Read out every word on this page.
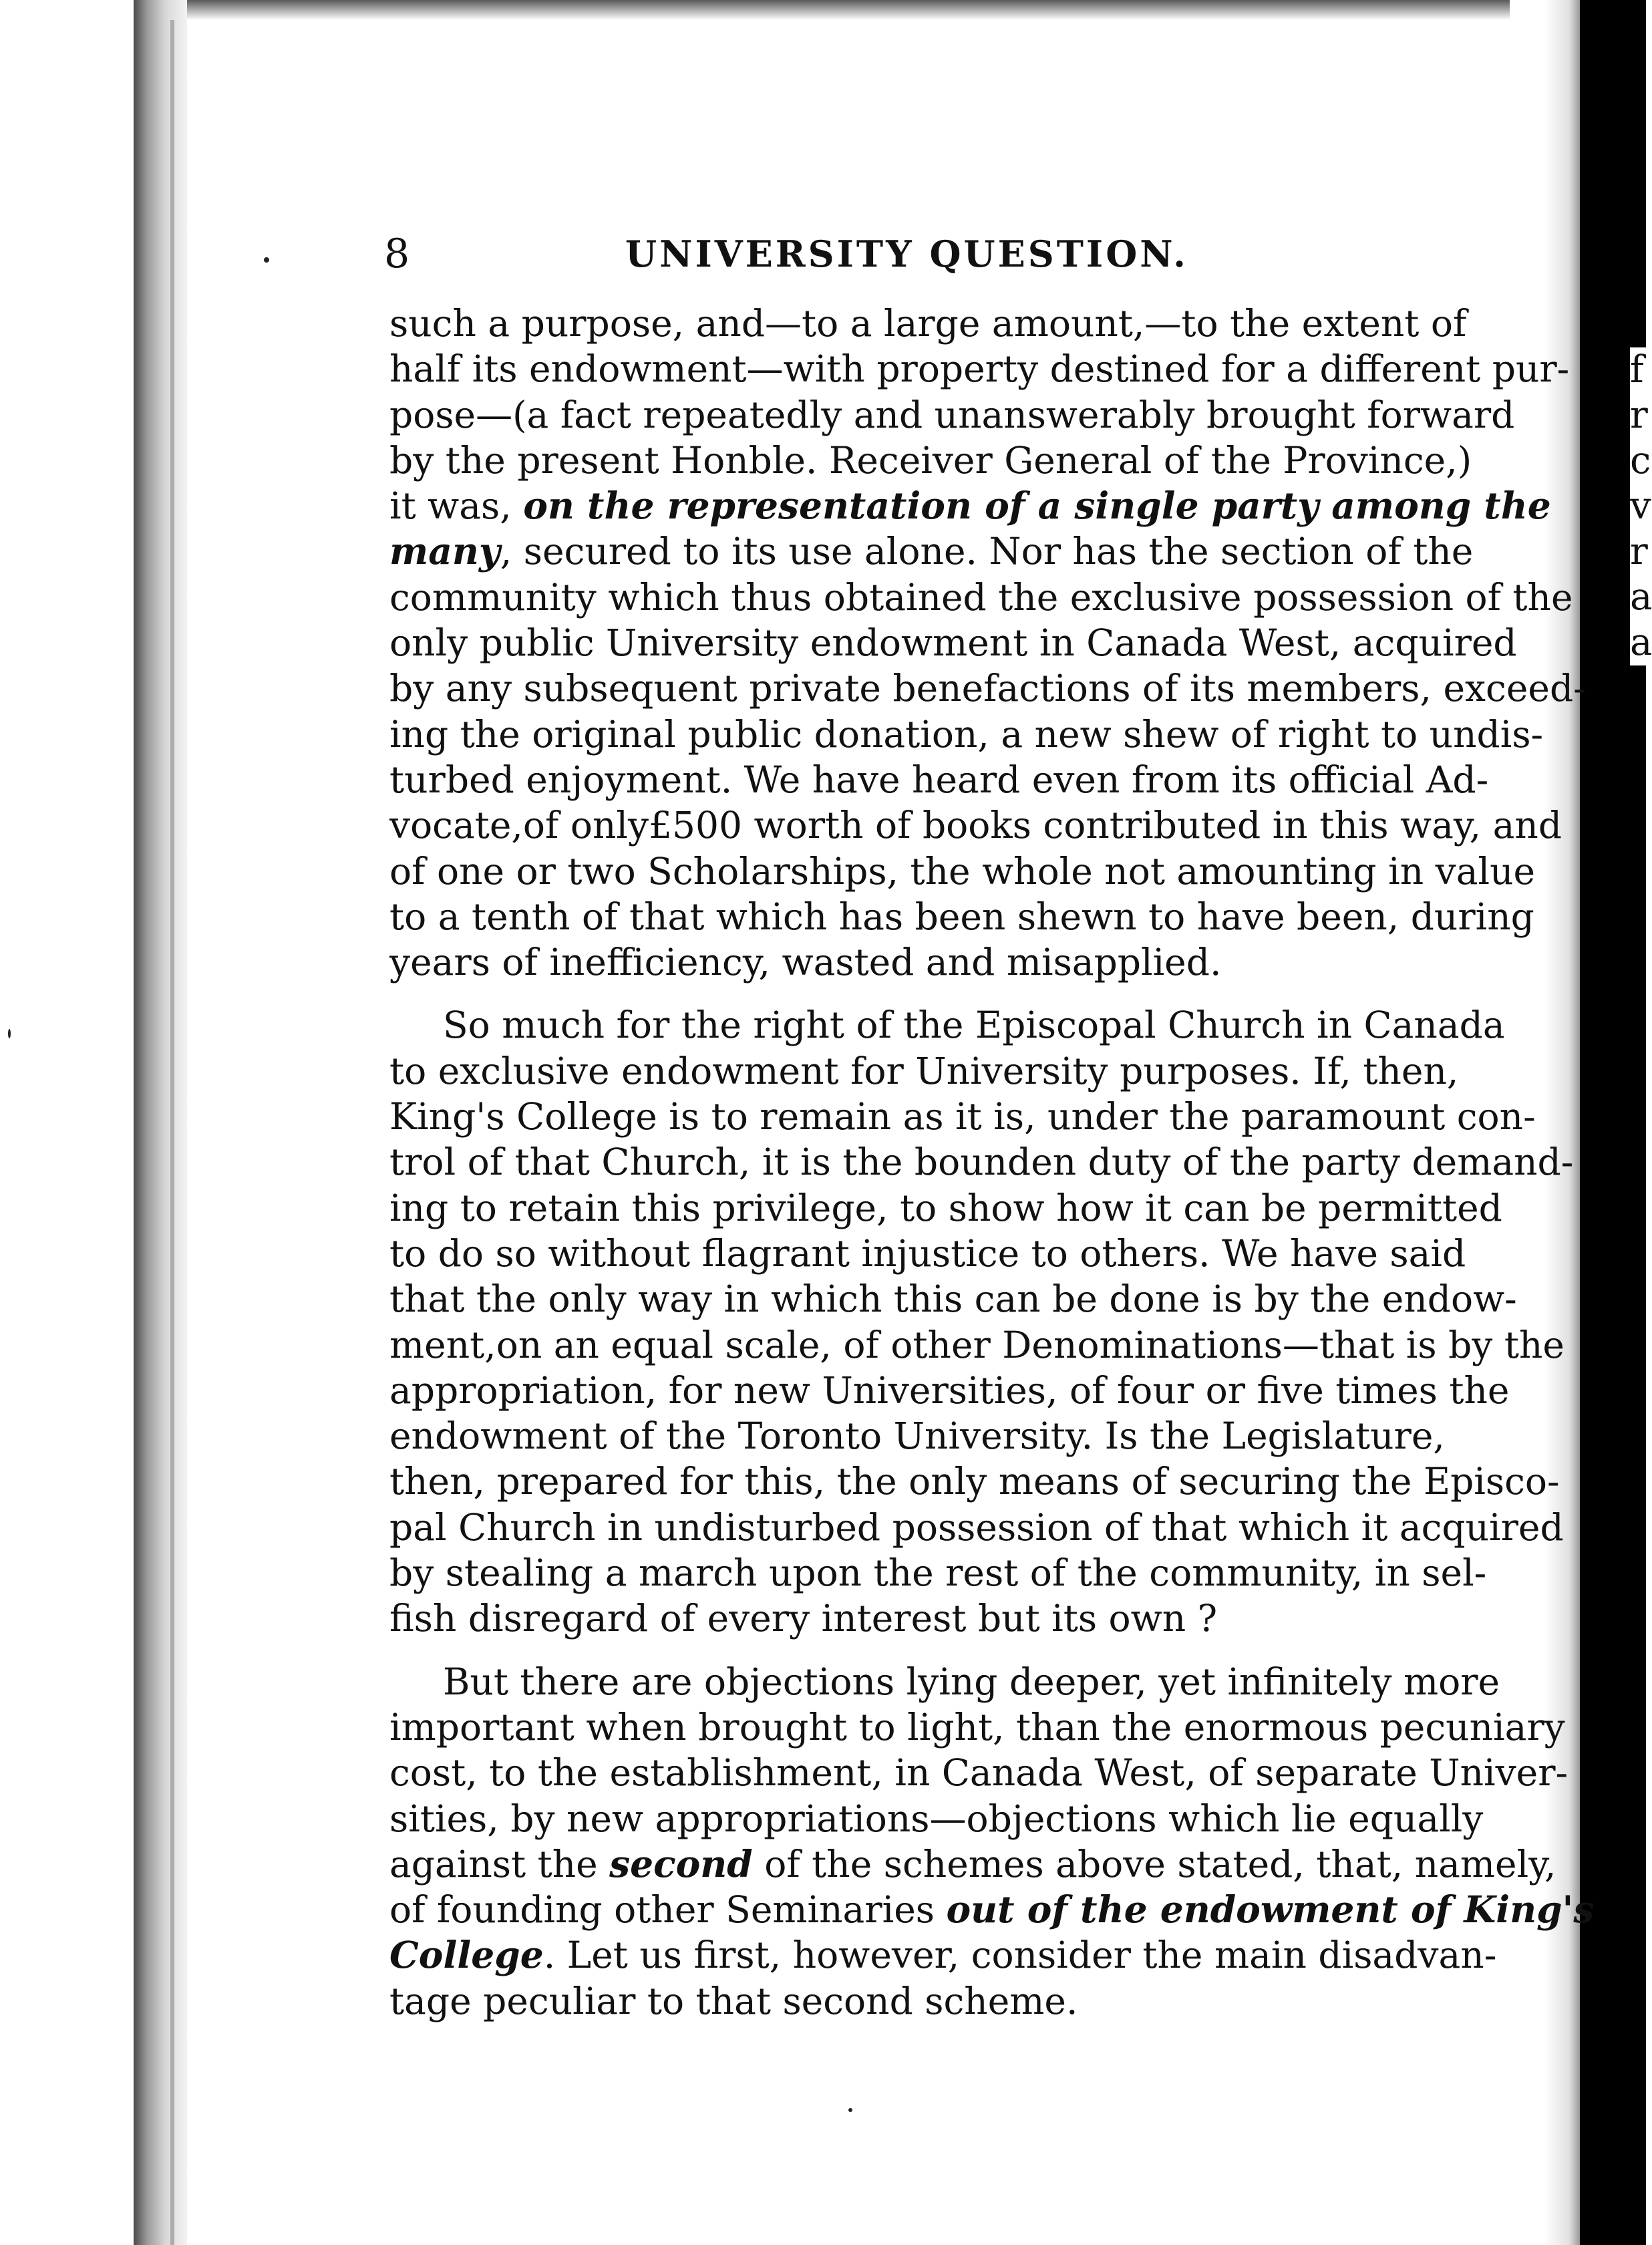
f
r
c
v
r
a
a
8	UNIVERSITY QUESTION.
such a purpose, and—to a large amount,—to the extent of
half its endowment—with property destined for a different pur-
pose—(a fact repeatedly and unanswerably brought forward
by the present Honble. Receiver General of the Province,)
it was, on the representation of a single party among the
many, secured to its use alone. Nor has the section of the
community which thus obtained the exclusive possession of the
only public University endowment in Canada West, acquired
by any subsequent private benefactions of its members, exceed-
ing the original public donation, a new shew of right to undis-
turbed enjoyment. We have heard even from its official Ad-
vocate,of only£500 worth of books contributed in this way, and
of one or two Scholarships, the whole not amounting in value
to a tenth of that which has been shewn to have been, during
years of inefficiency, wasted and misapplied.
So much for the right of the Episcopal Church in Canada
to exclusive endowment for University purposes. If, then,
King's College is to remain as it is, under the paramount con-
trol of that Church, it is the bounden duty of the party demand-
ing to retain this privilege, to show how it can be permitted
to do so without flagrant injustice to others. We have said
that the only way in which this can be done is by the endow-
ment,on an equal scale, of other Denominations—that is by the
appropriation, for new Universities, of four or five times the
endowment of the Toronto University. Is the Legislature,
then, prepared for this, the only means of securing the Episco-
pal Church in undisturbed possession of that which it acquired
by stealing a march upon the rest of the community, in sel-
fish disregard of every interest but its own ?
But there are objections lying deeper, yet infinitely more
important when brought to light, than the enormous pecuniary
cost, to the establishment, in Canada West, of separate Univer-
sities, by new appropriations—objections which lie equally
against the second of the schemes above stated, that, namely,
of founding other Seminaries out of the endowment of King's
College. Let us first, however, consider the main disadvan-
tage peculiar to that second scheme.
